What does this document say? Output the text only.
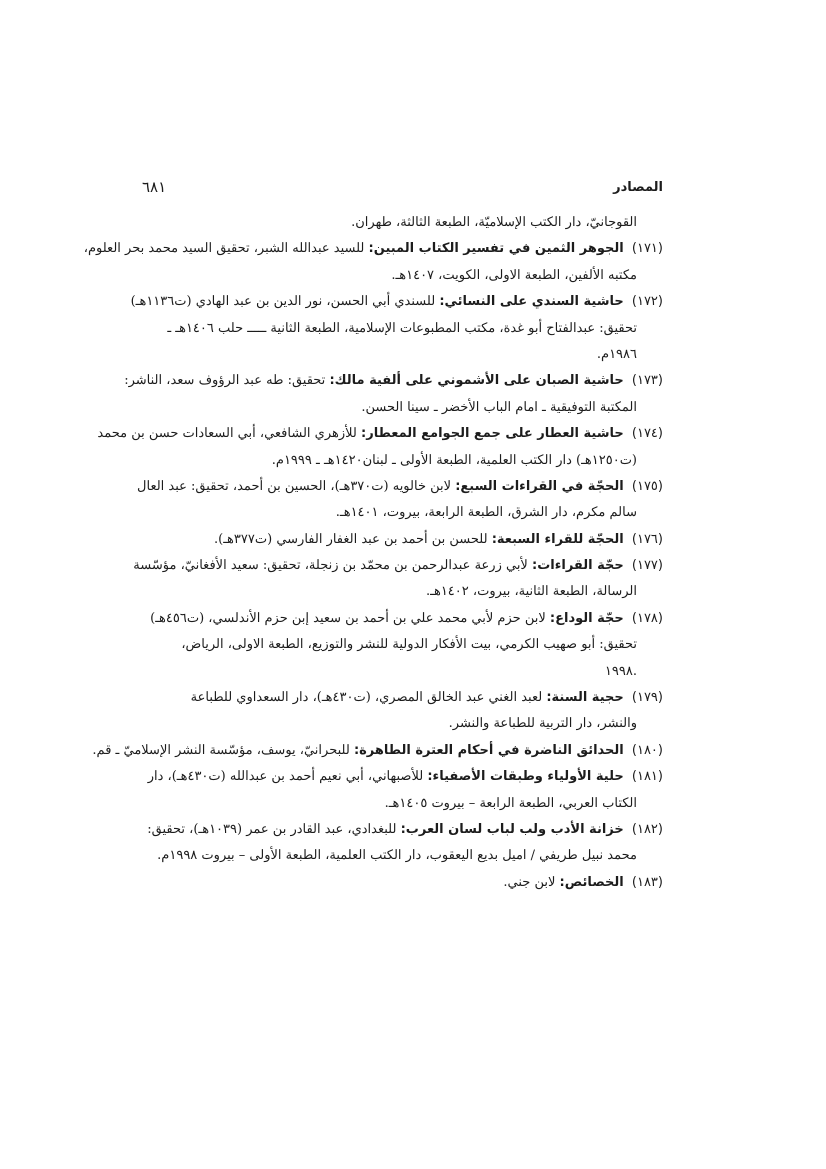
المصادر
٦٨١
القوجانيّ، دار الكتب الإسلاميّة، الطبعة الثالثة، طهران.
(١٧١) الجوهر الثمين في تفسير الكتاب المبين: للسيد عبدالله الشبر، تحقيق السيد محمد بحر العلوم،
مكتبه الألفين، الطبعة الاولى، الكويت، ١٤٠٧هـ.
(١٧٢) حاشية السندي على النسائي: للسندي أبي الحسن، نور الدين بن عبد الهادي (ت١١٣٦هـ)
تحقيق: عبدالفتاح أبو غدة، مكتب المطبوعات الإسلامية، الطبعة الثانية ـــــ حلب ١٤٠٦هـ ـ
١٩٨٦م.
(١٧٣) حاشية الصبان على الأشموني على ألفية مالك: تحقيق: طه عبد الرؤوف سعد، الناشر:
المكتبة التوفيقية ـ امام الباب الأخضر ـ سينا الحسن.
(١٧٤) حاشية العطار على جمع الجوامع المعطار: للأزهري الشافعي، أبي السعادات حسن بن محمد
(ت١٢٥٠هـ) دار الكتب العلمية، الطبعة الأولى ـ لبنان١٤٢٠هـ ـ ١٩٩٩م.
(١٧٥) الحجّة في القراءات السبع: لابن خالويه (ت٣٧٠هـ)، الحسين بن أحمد، تحقيق: عبد العال
سالم مكرم، دار الشرق، الطبعة الرابعة، بيروت، ١٤٠١هـ.
(١٧٦) الحجّة للقراء السبعة: للحسن بن أحمد بن عبد الغفار الفارسي (ت٣٧٧هـ).
(١٧٧) حجّة القراءات: لأبي زرعة عبدالرحمن بن محمّد بن زنجلة، تحقيق: سعيد الأفغانيّ، مؤسّسة
الرسالة، الطبعة الثانية، بيروت، ١٤٠٢هـ.
(١٧٨) حجّة الوداع: لابن حزم لأبي محمد علي بن أحمد بن سعيد إبن حزم الأندلسي، (ت٤٥٦هـ)
تحقيق: أبو صهيب الكرمي، بيت الأفكار الدولية للنشر والتوزيع، الطبعة الاولى، الرياض،
.١٩٩٨
(١٧٩) حجية السنة: لعبد الغني عبد الخالق المصري، (ت٤٣٠هـ)، دار السعداوي للطباعة
والنشر، دار التربية للطباعة والنشر.
(١٨٠) الحدائق الناضرة في أحكام العترة الطاهرة: للبحرانيّ، يوسف، مؤسّسة النشر الإسلاميّ ـ قم.
(١٨١) حلية الأولياء وطبقات الأصفياء: للأصبهاني، أبي نعيم أحمد بن عبدالله (ت٤٣٠هـ)، دار
الكتاب العربي، الطبعة الرابعة – بيروت ١٤٠٥هـ.
(١٨٢) خزانة الأدب ولب لباب لسان العرب: للبغدادي، عبد القادر بن عمر (١٠٣٩هـ)، تحقيق:
محمد نبيل طريفي / اميل بديع اليعقوب، دار الكتب العلمية، الطبعة الأولى – بيروت ١٩٩٨م.
(١٨٣) الخصائص: لابن جني.
